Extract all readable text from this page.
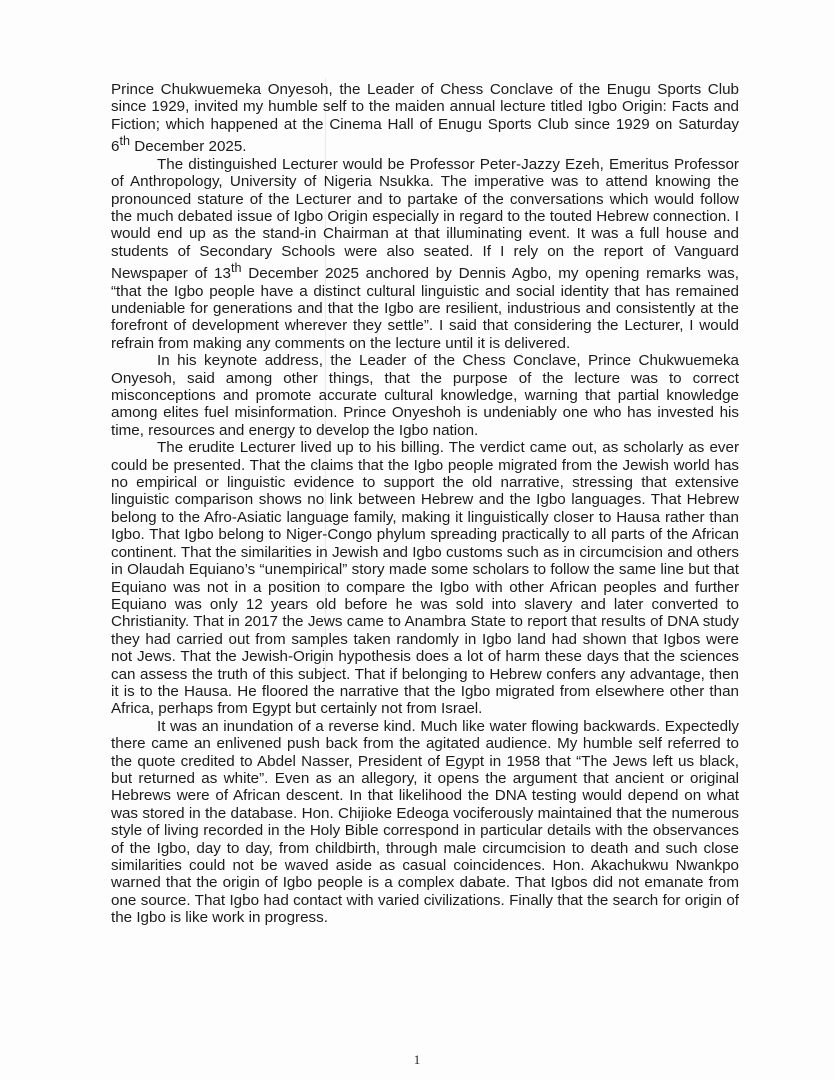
Prince Chukwuemeka Onyesoh, the Leader of Chess Conclave of the Enugu Sports Club since 1929, invited my humble self to the maiden annual lecture titled Igbo Origin: Facts and Fiction; which happened at the Cinema Hall of Enugu Sports Club since 1929 on Saturday 6th December 2025.

The distinguished Lecturer would be Professor Peter-Jazzy Ezeh, Emeritus Professor of Anthropology, University of Nigeria Nsukka. The imperative was to attend knowing the pronounced stature of the Lecturer and to partake of the conversations which would follow the much debated issue of Igbo Origin especially in regard to the touted Hebrew connection. I would end up as the stand-in Chairman at that illuminating event. It was a full house and students of Secondary Schools were also seated. If I rely on the report of Vanguard Newspaper of 13th December 2025 anchored by Dennis Agbo, my opening remarks was, “that the Igbo people have a distinct cultural linguistic and social identity that has remained undeniable for generations and that the Igbo are resilient, industrious and consistently at the forefront of development wherever they settle”. I said that considering the Lecturer, I would refrain from making any comments on the lecture until it is delivered.

In his keynote address, the Leader of the Chess Conclave, Prince Chukwuemeka Onyesoh, said among other things, that the purpose of the lecture was to correct misconceptions and promote accurate cultural knowledge, warning that partial knowledge among elites fuel misinformation. Prince Onyeshoh is undeniably one who has invested his time, resources and energy to develop the Igbo nation.

The erudite Lecturer lived up to his billing. The verdict came out, as scholarly as ever could be presented. That the claims that the Igbo people migrated from the Jewish world has no empirical or linguistic evidence to support the old narrative, stressing that extensive linguistic comparison shows no link between Hebrew and the Igbo languages. That Hebrew belong to the Afro-Asiatic language family, making it linguistically closer to Hausa rather than Igbo. That Igbo belong to Niger-Congo phylum spreading practically to all parts of the African continent. That the similarities in Jewish and Igbo customs such as in circumcision and others in Olaudah Equiano’s “unempirical” story made some scholars to follow the same line but that Equiano was not in a position to compare the Igbo with other African peoples and further Equiano was only 12 years old before he was sold into slavery and later converted to Christianity. That in 2017 the Jews came to Anambra State to report that results of DNA study they had carried out from samples taken randomly in Igbo land had shown that Igbos were not Jews. That the Jewish-Origin hypothesis does a lot of harm these days that the sciences can assess the truth of this subject. That if belonging to Hebrew confers any advantage, then it is to the Hausa. He floored the narrative that the Igbo migrated from elsewhere other than Africa, perhaps from Egypt but certainly not from Israel.

It was an inundation of a reverse kind. Much like water flowing backwards. Expectedly there came an enlivened push back from the agitated audience. My humble self referred to the quote credited to Abdel Nasser, President of Egypt in 1958 that “The Jews left us black, but returned as white”. Even as an allegory, it opens the argument that ancient or original Hebrews were of African descent. In that likelihood the DNA testing would depend on what was stored in the database. Hon. Chijioke Edeoga vociferously maintained that the numerous style of living recorded in the Holy Bible correspond in particular details with the observances of the Igbo, day to day, from childbirth, through male circumcision to death and such close similarities could not be waved aside as casual coincidences. Hon. Akachukwu Nwankpo warned that the origin of Igbo people is a complex dabate. That Igbos did not emanate from one source. That Igbo had contact with varied civilizations. Finally that the search for origin of the Igbo is like work in progress.

1
